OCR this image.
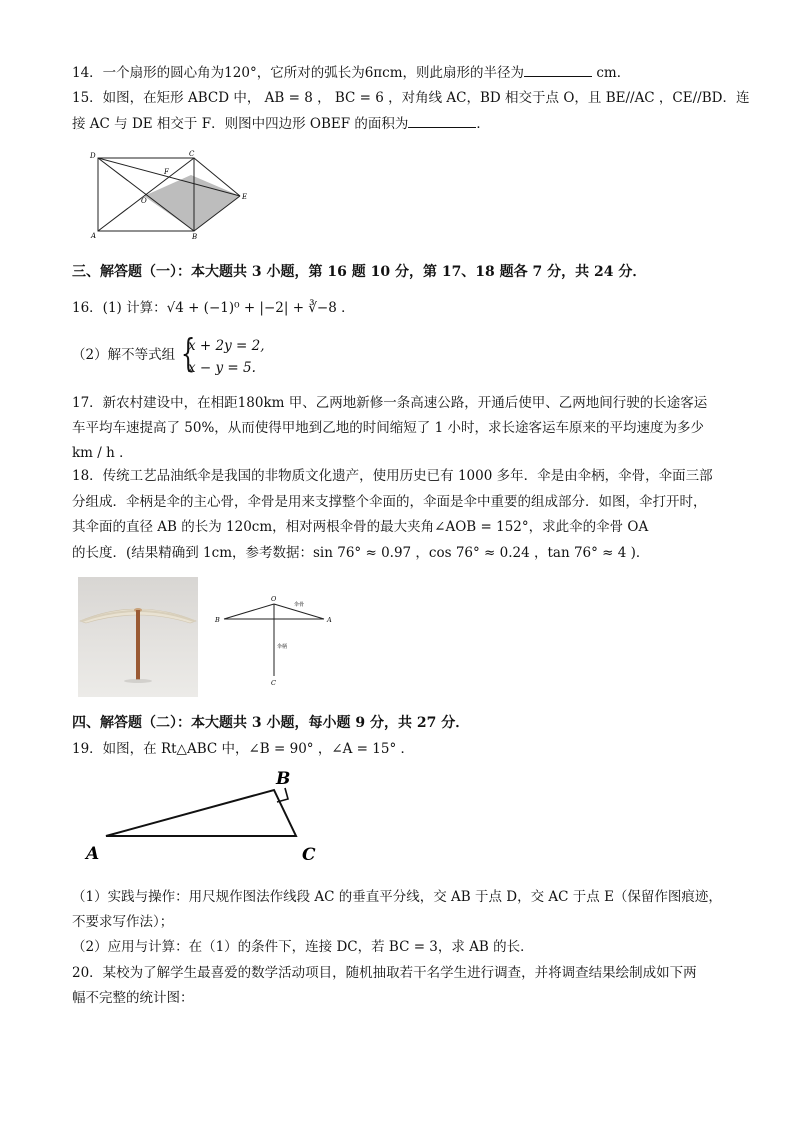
14．一个扇形的圆心角为120°，它所对的弧长为6πcm，则此扇形的半径为	cm．
15．如图，在矩形 ABCD 中， AB = 8 ， BC = 6 ，对角线 AC，BD 相交于点 O，且 BE//AC ，CE//BD．连
接 AC 与 DE 相交于 F．则图中四边形 OBEF 的面积为	．
D	C
F
O	E
A	B
三、解答题（一）：本大题共 3 小题，第 16 题 10 分，第 17、18 题各 7 分，共 24 分．
16．(1) 计算：√4 + (−1)⁰ + |−2| + ∛−8 ．
（2）解不等式组 {
x + 2y = 2,
x − y = 5.
17．新农村建设中，在相距180km 甲、乙两地新修一条高速公路，开通后使甲、乙两地间行驶的长途客运
车平均车速提高了 50%，从而使得甲地到乙地的时间缩短了 1 小时，求长途客运车原来的平均速度为多少
km / h ．
18．传统工艺品油纸伞是我国的非物质文化遗产，使用历史已有 1000 多年．伞是由伞柄，伞骨，伞面三部
分组成．伞柄是伞的主心骨，伞骨是用来支撑整个伞面的，伞面是伞中重要的组成部分．如图，伞打开时，
其伞面的直径 AB 的长为 120cm，相对两根伞骨的最大夹角∠AOB = 152°，求此伞的伞骨 OA
的长度．(结果精确到 1cm，参考数据：sin 76° ≈ 0.97 ，cos 76° ≈ 0.24 ，tan 76° ≈ 4 )．
O
B	A
C
伞骨
伞柄
四、解答题（二）：本大题共 3 小题，每小题 9 分，共 27 分．
19．如图，在 Rt△ABC 中，∠B = 90° ，∠A = 15° ．
A
B
C
（1）实践与操作：用尺规作图法作线段 AC 的垂直平分线，交 AB 于点 D，交 AC 于点 E（保留作图痕迹，
不要求写作法）；
（2）应用与计算：在（1）的条件下，连接 DC，若 BC = 3，求 AB 的长．
20．某校为了解学生最喜爱的数学活动项目，随机抽取若干名学生进行调查，并将调查结果绘制成如下两
幅不完整的统计图：
